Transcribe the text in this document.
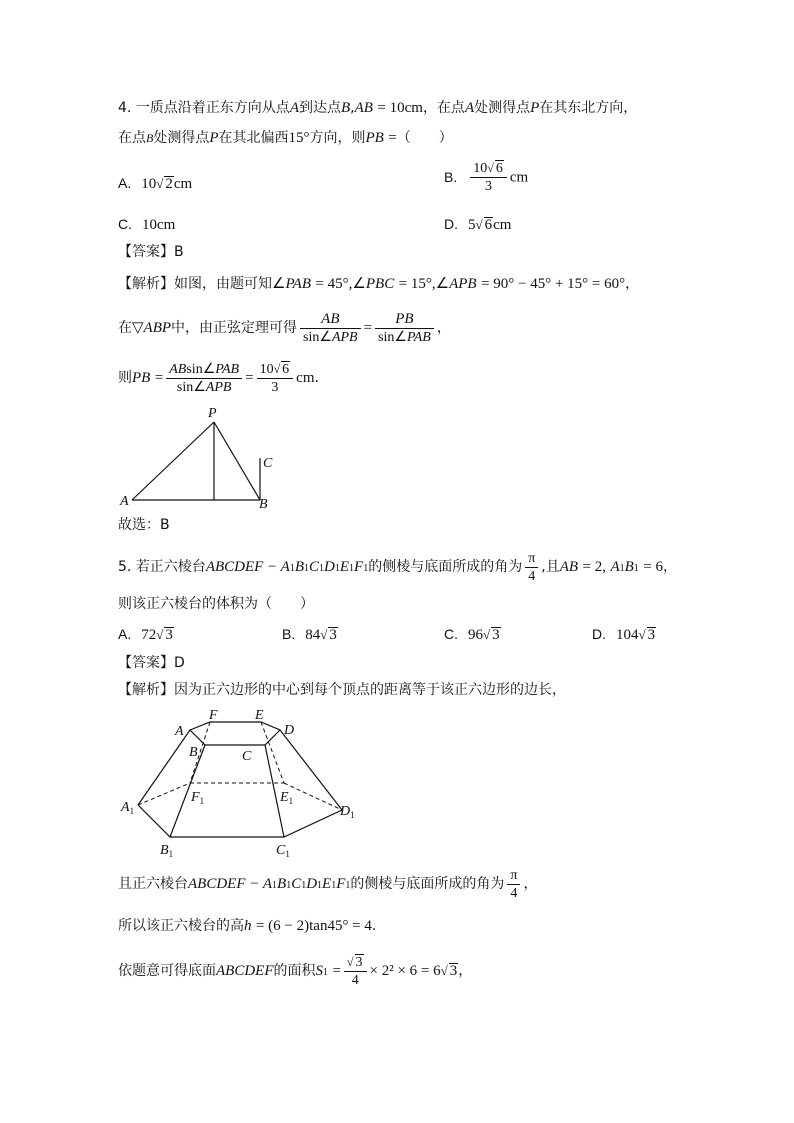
4. 一质点沿着正东方向从点A到达点B,AB = 10cm，在点A处测得点P在其东北方向，
在点B处测得点P在其北偏西15°方向，则PB =（　　）
A. 10√ 2cm	B. $\frac{10√ 6}{3}$ cm
C. 10cm	D. 5√ 6cm
【答案】B
【解析】如图，由题可知∠PAB = 45°,∠PBC = 15°,∠APB = 90° − 45° + 15° = 60°，
在▽ABP中，由正弦定理可得 $\frac{AB}{\text{sin∠APB}} = \frac{PB}{\text{sin∠PAB}}$ ，
则PB = $\frac{\text{ABsin∠PAB}}{\text{sin∠APB}} = \frac{10√ 6}{3}$ cm.
P
A	B
C
故选：B
5. 若正六棱台ABCDEF − A1B1C1D1E1F1的侧棱与底面所成的角为 $\frac{\pi}{4}$ ,且AB = 2, A1B1 = 6，
则该正六棱台的体积为（　　）
A. 72√ 3	B. 84√ 3	C. 96√ 3	D. 104√ 3
【答案】D
【解析】因为正六边形的中心到每个顶点的距离等于该正六边形的边长，
A
F	E
D
B	C
$A_1$
$F_1$	$E_1$
$D_1$
$B_1$	$C_1$
且正六棱台ABCDEF − A1B1C1D1E1F1的侧棱与底面所成的角为 $\frac{\pi}{4}$ ，
所以该正六棱台的高h = (6 − 2)tan45° = 4.
依题意可得底面ABCDEF的面积$S1 = \frac{√ 3}{4} \times 2^2 \times 6 = 6√$ 3，
